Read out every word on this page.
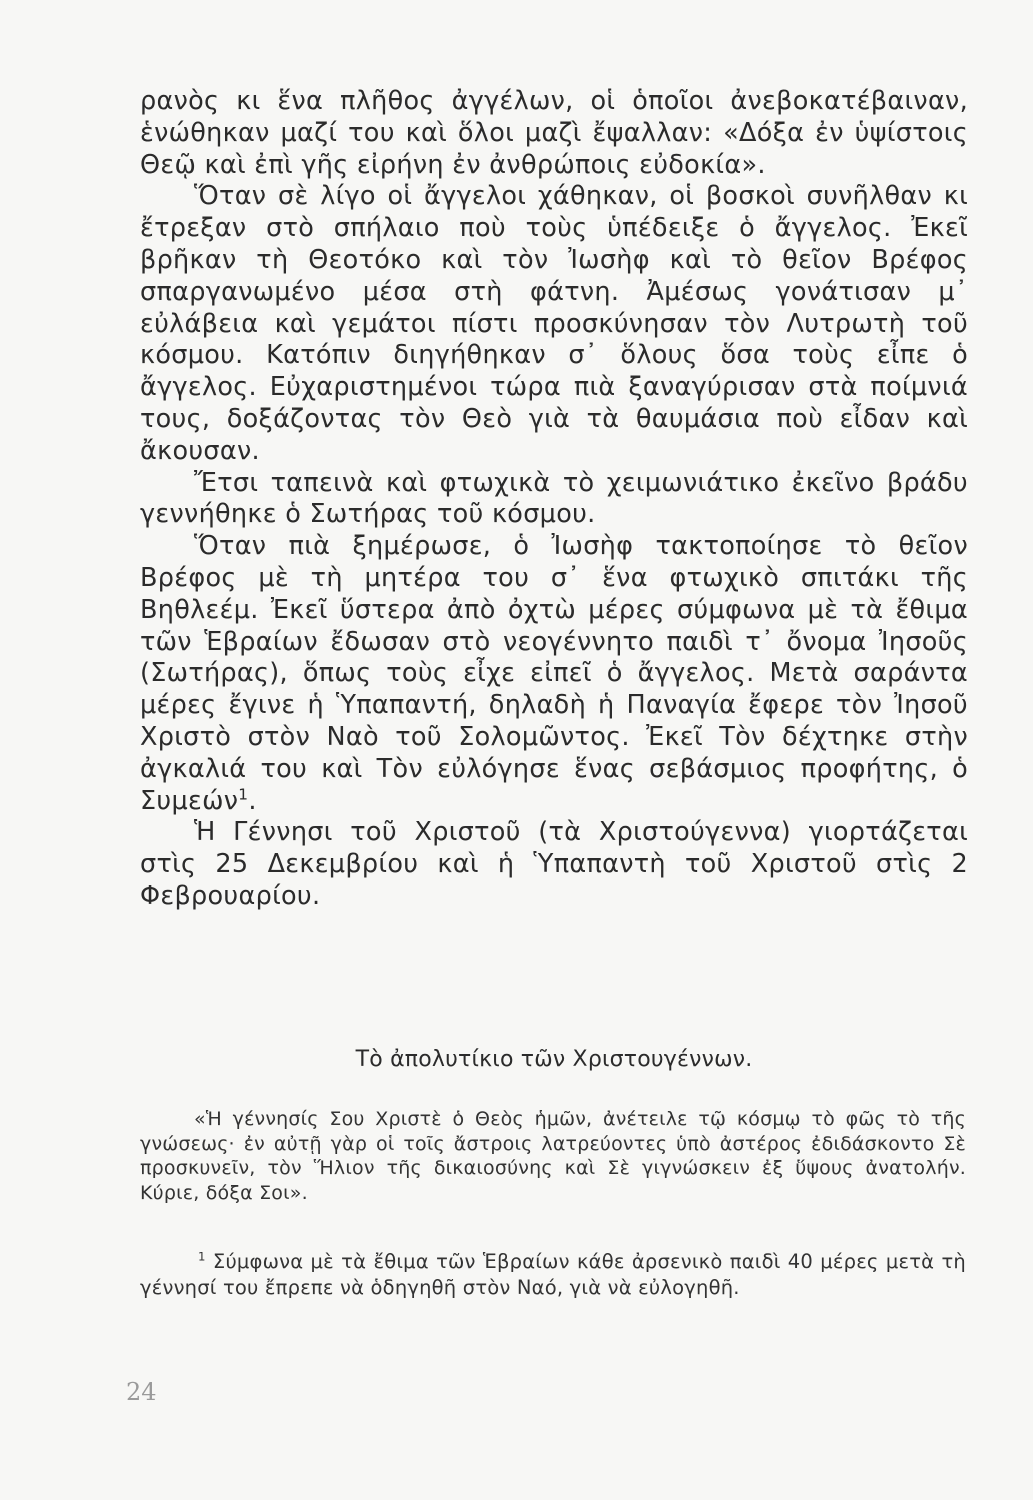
ρανὸς κι ἕνα πλῆθος ἀγγέλων, οἱ ὁποῖοι ἀνεβοκατέβαιναν, ἑνώθηκαν μαζί του καὶ ὅλοι μαζὶ ἔψαλλαν: «Δόξα ἐν ὑψίστοις Θεῷ καὶ ἐπὶ γῆς εἰρήνη ἐν ἀνθρώποις εὐδοκία».

Ὅταν σὲ λίγο οἱ ἄγγελοι χάθηκαν, οἱ βοσκοὶ συνῆλθαν κι ἔτρεξαν στὸ σπήλαιο ποὺ τοὺς ὑπέδειξε ὁ ἄγγελος. Ἐκεῖ βρῆκαν τὴ Θεοτόκο καὶ τὸν Ἰωσὴφ καὶ τὸ θεῖον Βρέφος σπαργανωμένο μέσα στὴ φάτνη. Ἀμέσως γονάτισαν μ᾽ εὐλάβεια καὶ γεμάτοι πίστι προσκύνησαν τὸν Λυτρωτὴ τοῦ κόσμου. Κατόπιν διηγήθηκαν σ᾽ ὅλους ὅσα τοὺς εἶπε ὁ ἄγγελος. Εὐχαριστημένοι τώρα πιὰ ξαναγύρισαν στὰ ποίμνιά τους, δοξάζοντας τὸν Θεὸ γιὰ τὰ θαυμάσια ποὺ εἶδαν καὶ ἄκουσαν.

Ἔτσι ταπεινὰ καὶ φτωχικὰ τὸ χειμωνιάτικο ἐκεῖνο βράδυ γεννήθηκε ὁ Σωτήρας τοῦ κόσμου.

Ὅταν πιὰ ξημέρωσε, ὁ Ἰωσὴφ τακτοποίησε τὸ θεῖον Βρέφος μὲ τὴ μητέρα του σ᾽ ἕνα φτωχικὸ σπιτάκι τῆς Βηθλεέμ. Ἐκεῖ ὕστερα ἀπὸ ὀχτὼ μέρες σύμφωνα μὲ τὰ ἔθιμα τῶν Ἑβραίων ἔδωσαν στὸ νεογέννητο παιδὶ τ᾽ ὄνομα Ἰησοῦς (Σωτήρας), ὅπως τοὺς εἶχε εἰπεῖ ὁ ἄγγελος. Μετὰ σαράντα μέρες ἔγινε ἡ Ὑπαπαντή, δηλαδὴ ἡ Παναγία ἔφερε τὸν Ἰησοῦ Χριστὸ στὸν Ναὸ τοῦ Σολομῶντος. Ἐκεῖ Τὸν δέχτηκε στὴν ἀγκαλιά του καὶ Τὸν εὐλόγησε ἕνας σεβάσμιος προφήτης, ὁ Συμεών$^1$.

Ἡ Γέννησι τοῦ Χριστοῦ (τὰ Χριστούγεννα) γιορτάζεται στὶς 25 Δεκεμβρίου καὶ ἡ Ὑπαπαντὴ τοῦ Χριστοῦ στὶς 2 Φεβρουαρίου.

Τὸ ἀπολυτίκιο τῶν Χριστουγέννων.

«Ἡ γέννησίς Σου Χριστὲ ὁ Θεὸς ἡμῶν, ἀνέτειλε τῷ κόσμῳ τὸ φῶς τὸ τῆς γνώσεως· ἐν αὐτῇ γὰρ οἱ τοῖς ἄστροις λατρεύοντες ὑπὸ ἀστέρος ἐδιδάσκοντο Σὲ προσκυνεῖν, τὸν Ἥλιον τῆς δικαιοσύνης καὶ Σὲ γιγνώσκειν ἐξ ὕψους ἀνατολήν. Κύριε, δόξα Σοι».

$^1$ Σύμφωνα μὲ τὰ ἔθιμα τῶν Ἑβραίων κάθε ἀρσενικὸ παιδὶ 40 μέρες μετὰ τὴ γέννησί του ἔπρεπε νὰ ὁδηγηθῆ στὸν Ναό, γιὰ νὰ εὐλογηθῆ.

24
